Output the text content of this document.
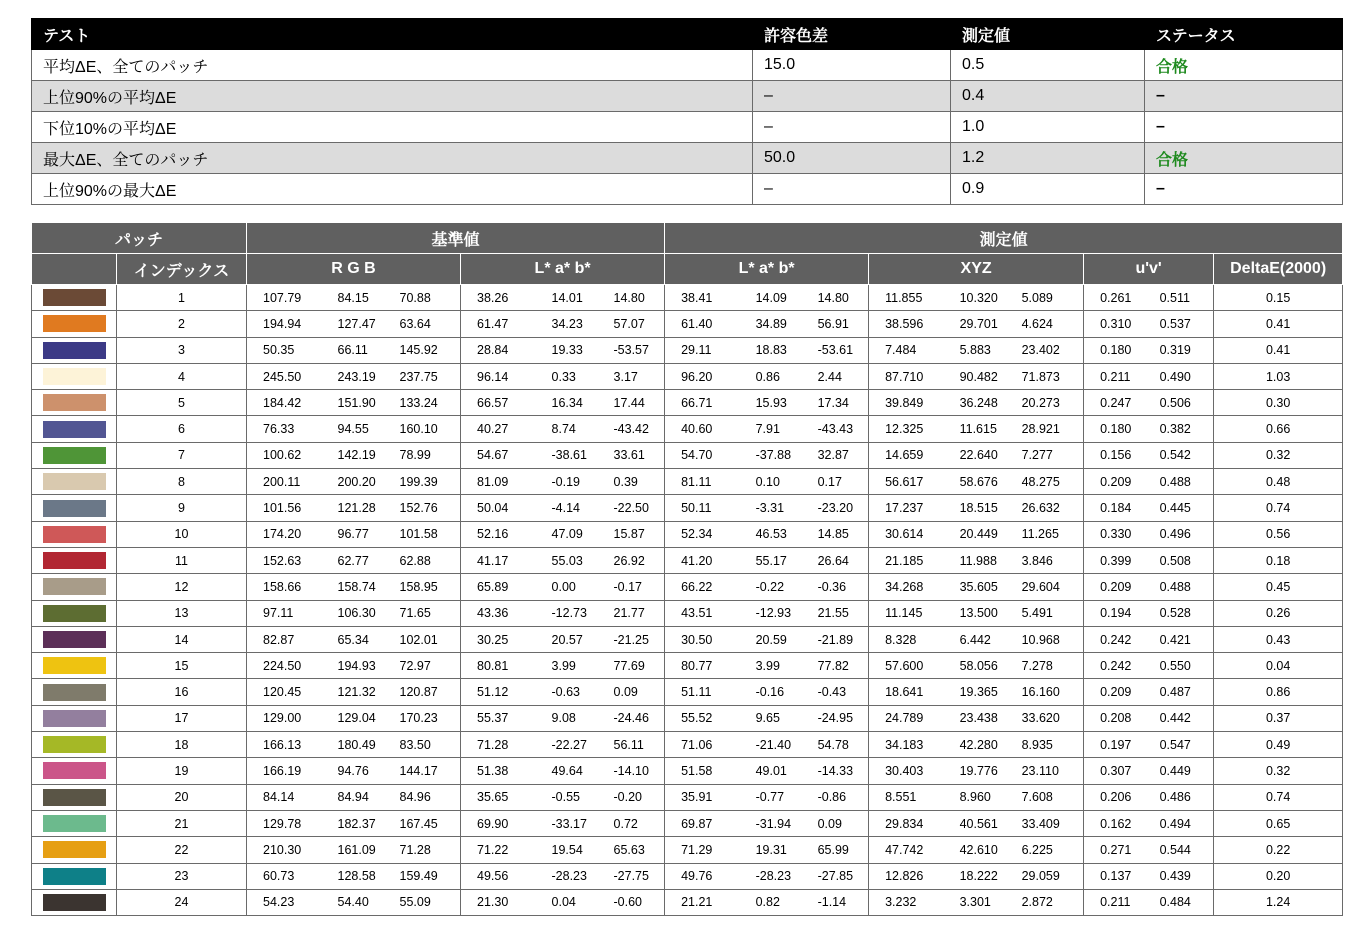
テスト	許容色差	測定値	ステータス
平均ΔE、全てのパッチ	15.0	0.5	合格
上位90%の平均ΔE	–	0.4	–
下位10%の平均ΔE	–	1.0	–
最大ΔE、全てのパッチ	50.0	1.2	合格
上位90%の最大ΔE	–	0.9	–
パッチ		基準値						測定値								
	インデックス	R G B			L* a* b*			L* a* b*			XYZ			u'v'		DeltaE(2000)

	1	107.79	84.15	70.88	38.26	14.01	14.80	38.41	14.09	14.80	11.855	10.320	5.089	0.261	0.511	0.15

	2	194.94	127.47	63.64	61.47	34.23	57.07	61.40	34.89	56.91	38.596	29.701	4.624	0.310	0.537	0.41

	3	50.35	66.11	145.92	28.84	19.33	-53.57	29.11	18.83	-53.61	7.484	5.883	23.402	0.180	0.319	0.41

	4	245.50	243.19	237.75	96.14	0.33	3.17	96.20	0.86	2.44	87.710	90.482	71.873	0.211	0.490	1.03

	5	184.42	151.90	133.24	66.57	16.34	17.44	66.71	15.93	17.34	39.849	36.248	20.273	0.247	0.506	0.30

	6	76.33	94.55	160.10	40.27	8.74	-43.42	40.60	7.91	-43.43	12.325	11.615	28.921	0.180	0.382	0.66

	7	100.62	142.19	78.99	54.67	-38.61	33.61	54.70	-37.88	32.87	14.659	22.640	7.277	0.156	0.542	0.32

	8	200.11	200.20	199.39	81.09	-0.19	0.39	81.11	0.10	0.17	56.617	58.676	48.275	0.209	0.488	0.48

	9	101.56	121.28	152.76	50.04	-4.14	-22.50	50.11	-3.31	-23.20	17.237	18.515	26.632	0.184	0.445	0.74

	10	174.20	96.77	101.58	52.16	47.09	15.87	52.34	46.53	14.85	30.614	20.449	11.265	0.330	0.496	0.56

	11	152.63	62.77	62.88	41.17	55.03	26.92	41.20	55.17	26.64	21.185	11.988	3.846	0.399	0.508	0.18

	12	158.66	158.74	158.95	65.89	0.00	-0.17	66.22	-0.22	-0.36	34.268	35.605	29.604	0.209	0.488	0.45

	13	97.11	106.30	71.65	43.36	-12.73	21.77	43.51	-12.93	21.55	11.145	13.500	5.491	0.194	0.528	0.26

	14	82.87	65.34	102.01	30.25	20.57	-21.25	30.50	20.59	-21.89	8.328	6.442	10.968	0.242	0.421	0.43

	15	224.50	194.93	72.97	80.81	3.99	77.69	80.77	3.99	77.82	57.600	58.056	7.278	0.242	0.550	0.04

	16	120.45	121.32	120.87	51.12	-0.63	0.09	51.11	-0.16	-0.43	18.641	19.365	16.160	0.209	0.487	0.86

	17	129.00	129.04	170.23	55.37	9.08	-24.46	55.52	9.65	-24.95	24.789	23.438	33.620	0.208	0.442	0.37

	18	166.13	180.49	83.50	71.28	-22.27	56.11	71.06	-21.40	54.78	34.183	42.280	8.935	0.197	0.547	0.49

	19	166.19	94.76	144.17	51.38	49.64	-14.10	51.58	49.01	-14.33	30.403	19.776	23.110	0.307	0.449	0.32

	20	84.14	84.94	84.96	35.65	-0.55	-0.20	35.91	-0.77	-0.86	8.551	8.960	7.608	0.206	0.486	0.74

	21	129.78	182.37	167.45	69.90	-33.17	0.72	69.87	-31.94	0.09	29.834	40.561	33.409	0.162	0.494	0.65

	22	210.30	161.09	71.28	71.22	19.54	65.63	71.29	19.31	65.99	47.742	42.610	6.225	0.271	0.544	0.22

	23	60.73	128.58	159.49	49.56	-28.23	-27.75	49.76	-28.23	-27.85	12.826	18.222	29.059	0.137	0.439	0.20

	24	54.23	54.40	55.09	21.30	0.04	-0.60	21.21	0.82	-1.14	3.232	3.301	2.872	0.211	0.484	1.24
